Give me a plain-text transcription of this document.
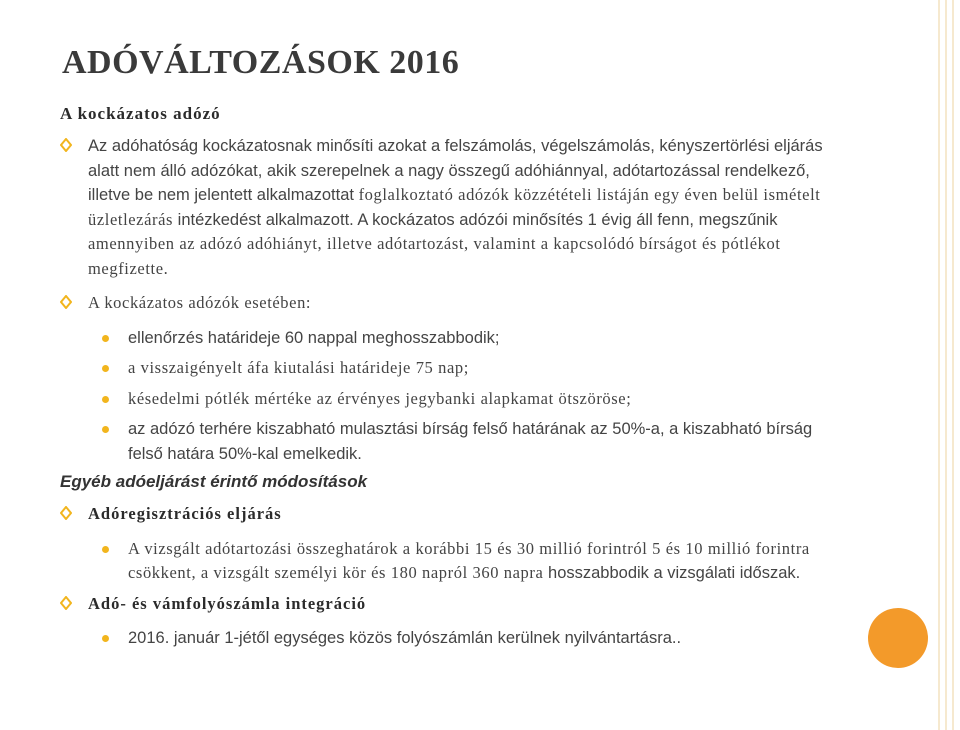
ADÓVÁLTOZÁSOK 2016
A kockázatos adózó
Az adóhatóság kockázatosnak minősíti azokat a felszámolás, végelszámolás, kényszertörlési eljárás alatt nem álló adózókat, akik szerepelnek a nagy összegű adóhiánnyal, adótartozással rendelkező, illetve be nem jelentett alkalmazottat foglalkoztató adózók közzétételi listáján egy éven belül ismételt üzletlezárás intézkedést alkalmazott. A kockázatos adózói minősítés 1 évig áll fenn, megszűnik amennyiben az adózó adóhiányt, illetve adótartozást, valamint a kapcsolódó bírságot és pótlékot megfizette.
A kockázatos adózók esetében:
ellenőrzés határideje 60 nappal meghosszabbodik;
a visszaigényelt áfa kiutalási határideje 75 nap;
késedelmi pótlék mértéke az érvényes jegybanki alapkamat ötszöröse;
az adózó terhére kiszabható mulasztási bírság felső határának az 50%-a, a kiszabható bírság felső határa 50%-kal emelkedik.
Egyéb adóeljárást érintő módosítások
Adóregisztrációs eljárás
A vizsgált adótartozási összeghatárok a korábbi 15 és 30 millió forintról 5 és 10 millió forintra csökkent, a vizsgált személyi kör és 180 napról 360 napra hosszabbodik a vizsgálati időszak.
Adó- és vámfolyószámla integráció
2016. január 1-jétől egységes közös folyószámlán kerülnek nyilvántartásra..
